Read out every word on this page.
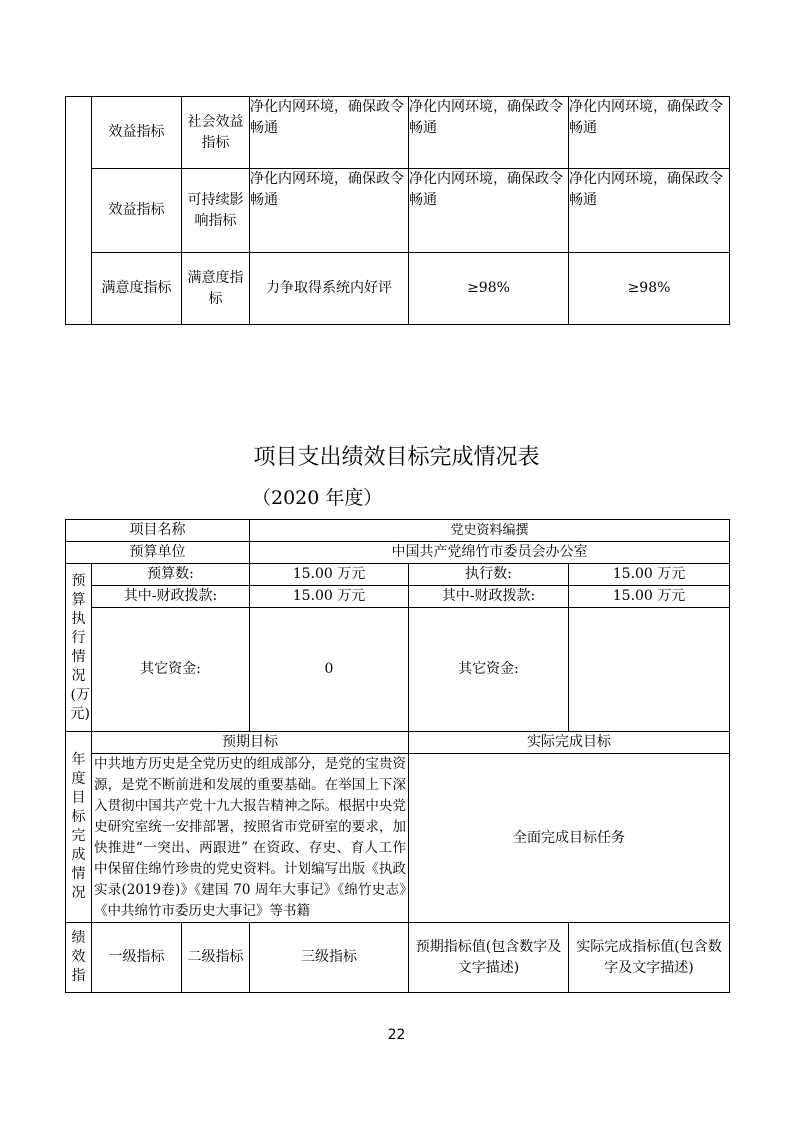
	效益指标	社会效益指标	净化内网环境，确保政令畅通	净化内网环境，确保政令畅通	净化内网环境，确保政令畅通
	效益指标	可持续影响指标	净化内网环境，确保政令畅通	净化内网环境，确保政令畅通	净化内网环境，确保政令畅通
	满意度指标	满意度指标	力争取得系统内好评	≥98%	≥98%
项目支出绩效目标完成情况表
（2020 年度）
项目名称			党史资料编撰		
预算单位			中国共产党绵竹市委员会办公室		

预算执行情况(万元)	预算数:		15.00 万元	执行数:	15.00 万元
	其中-财政拨款:		15.00 万元	其中-财政拨款:	15.00 万元
	其它资金:		0	其它资金:	

年度目标完成情况	预期目标			实际完成目标	
	中共地方历史是全党历史的组成部分，是党的宝贵资源，是党不断前进和发展的重要基础。在举国上下深入贯彻中国共产党十九大报告精神之际。根据中央党史研究室统一安排部署，按照省市党研室的要求，加快推进“一突出、两跟进” 在资政、存史、育人工作中保留住绵竹珍贵的党史资料。计划编写出版《执政实录(2019卷)》《建国 70 周年大事记》《绵竹史志》《中共绵竹市委历史大事记》等书籍			全面完成目标任务	

绩效指	一级指标	二级指标	三级指标	预期指标值(包含数字及文字描述)	实际完成指标值(包含数字及文字描述)
22
